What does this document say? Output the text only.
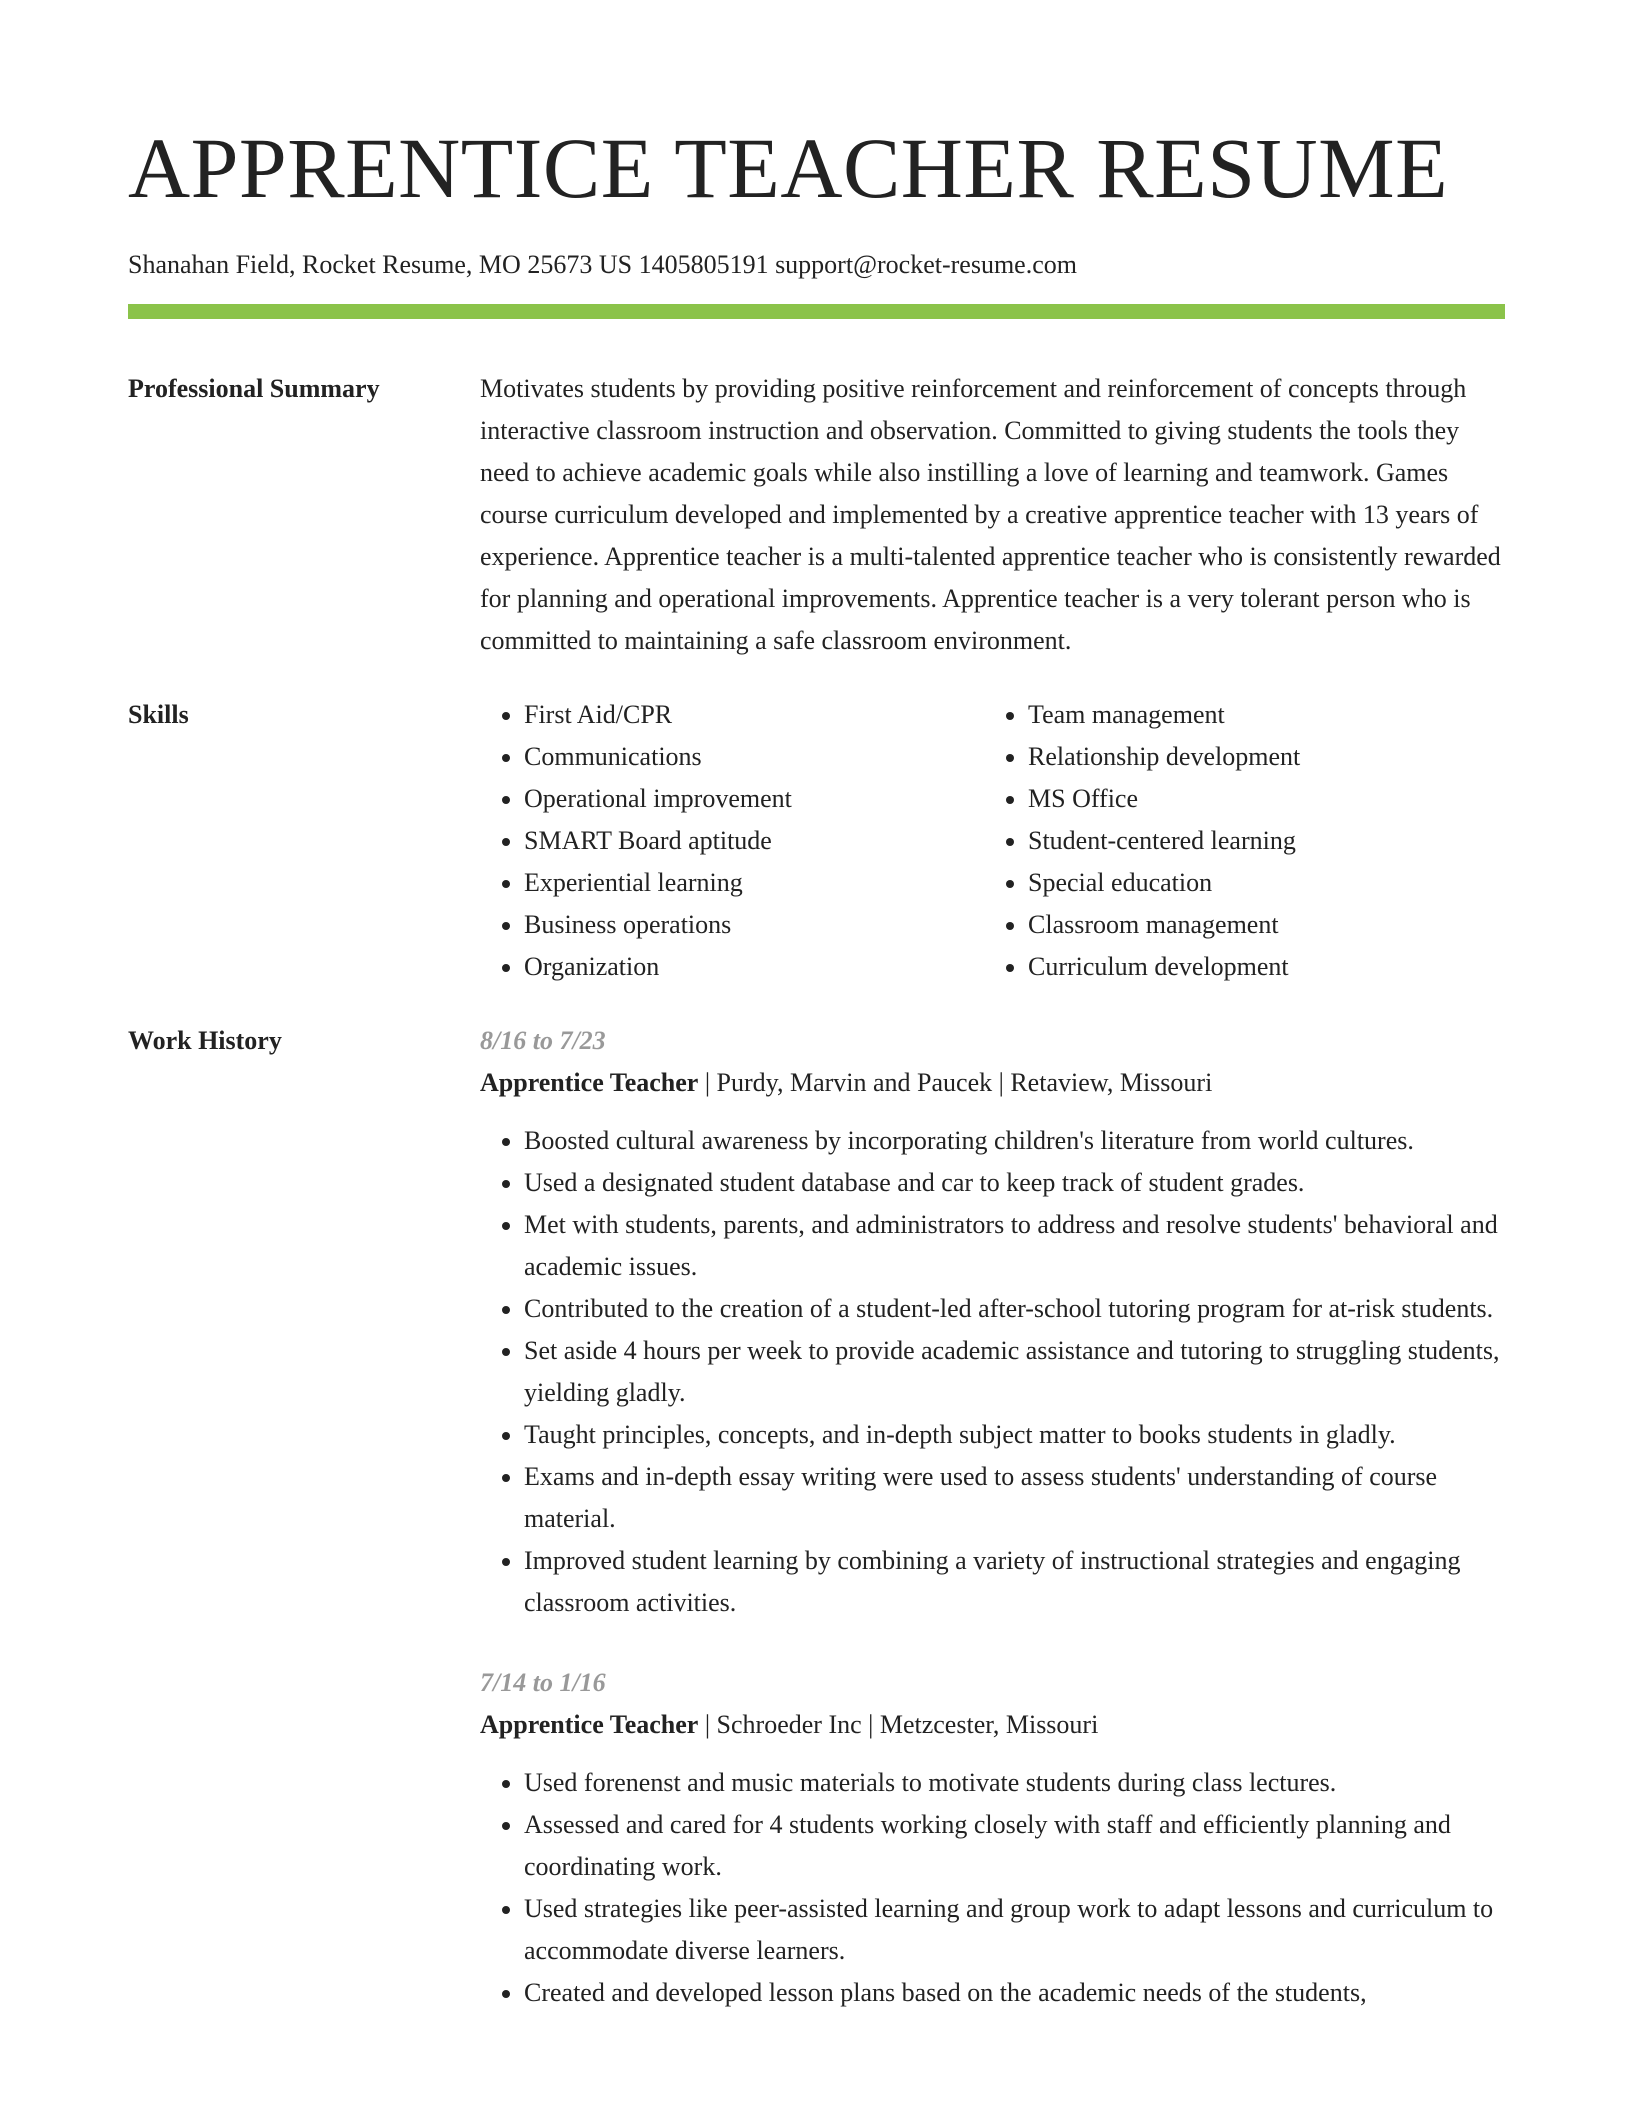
APPRENTICE TEACHER RESUME
Shanahan Field, Rocket Resume, MO 25673 US 1405805191 support@rocket-resume.com
Professional Summary	Motivates students by providing positive reinforcement and reinforcement of concepts through interactive classroom instruction and observation. Committed to giving students the tools they need to achieve academic goals while also instilling a love of learning and teamwork. Games course curriculum developed and implemented by a creative apprentice teacher with 13 years of experience. Apprentice teacher is a multi-talented apprentice teacher who is consistently rewarded for planning and operational improvements. Apprentice teacher is a very tolerant person who is committed to maintaining a safe classroom environment.

Skills
•	First Aid/CPR
• Communications
• Operational improvement
• SMART Board aptitude
• Experiential learning
• Business operations
• Organization
• Team management
• Relationship development
• MS Office
• Student-centered learning
• Special education
• Classroom management
• Curriculum development
Work History	8/16 to 7/23
Apprentice Teacher | Purdy, Marvin and Paucek | Retaview, Missouri
• Boosted cultural awareness by incorporating children's literature from world cultures.
• Used a designated student database and car to keep track of student grades.
• Met with students, parents, and administrators to address and resolve students' behavioral and academic issues.
• Contributed to the creation of a student-led after-school tutoring program for at-risk students.
• Set aside 4 hours per week to provide academic assistance and tutoring to struggling students, yielding gladly.
• Taught principles, concepts, and in-depth subject matter to books students in gladly.
• Exams and in-depth essay writing were used to assess students' understanding of course material.
• Improved student learning by combining a variety of instructional strategies and engaging classroom activities.
7/14 to 1/16
Apprentice Teacher | Schroeder Inc | Metzcester, Missouri
• Used forenenst and music materials to motivate students during class lectures.
• Assessed and cared for 4 students working closely with staff and efficiently planning and coordinating work.
• Used strategies like peer-assisted learning and group work to adapt lessons and curriculum to accommodate diverse learners.
• Created and developed lesson plans based on the academic needs of the students,
